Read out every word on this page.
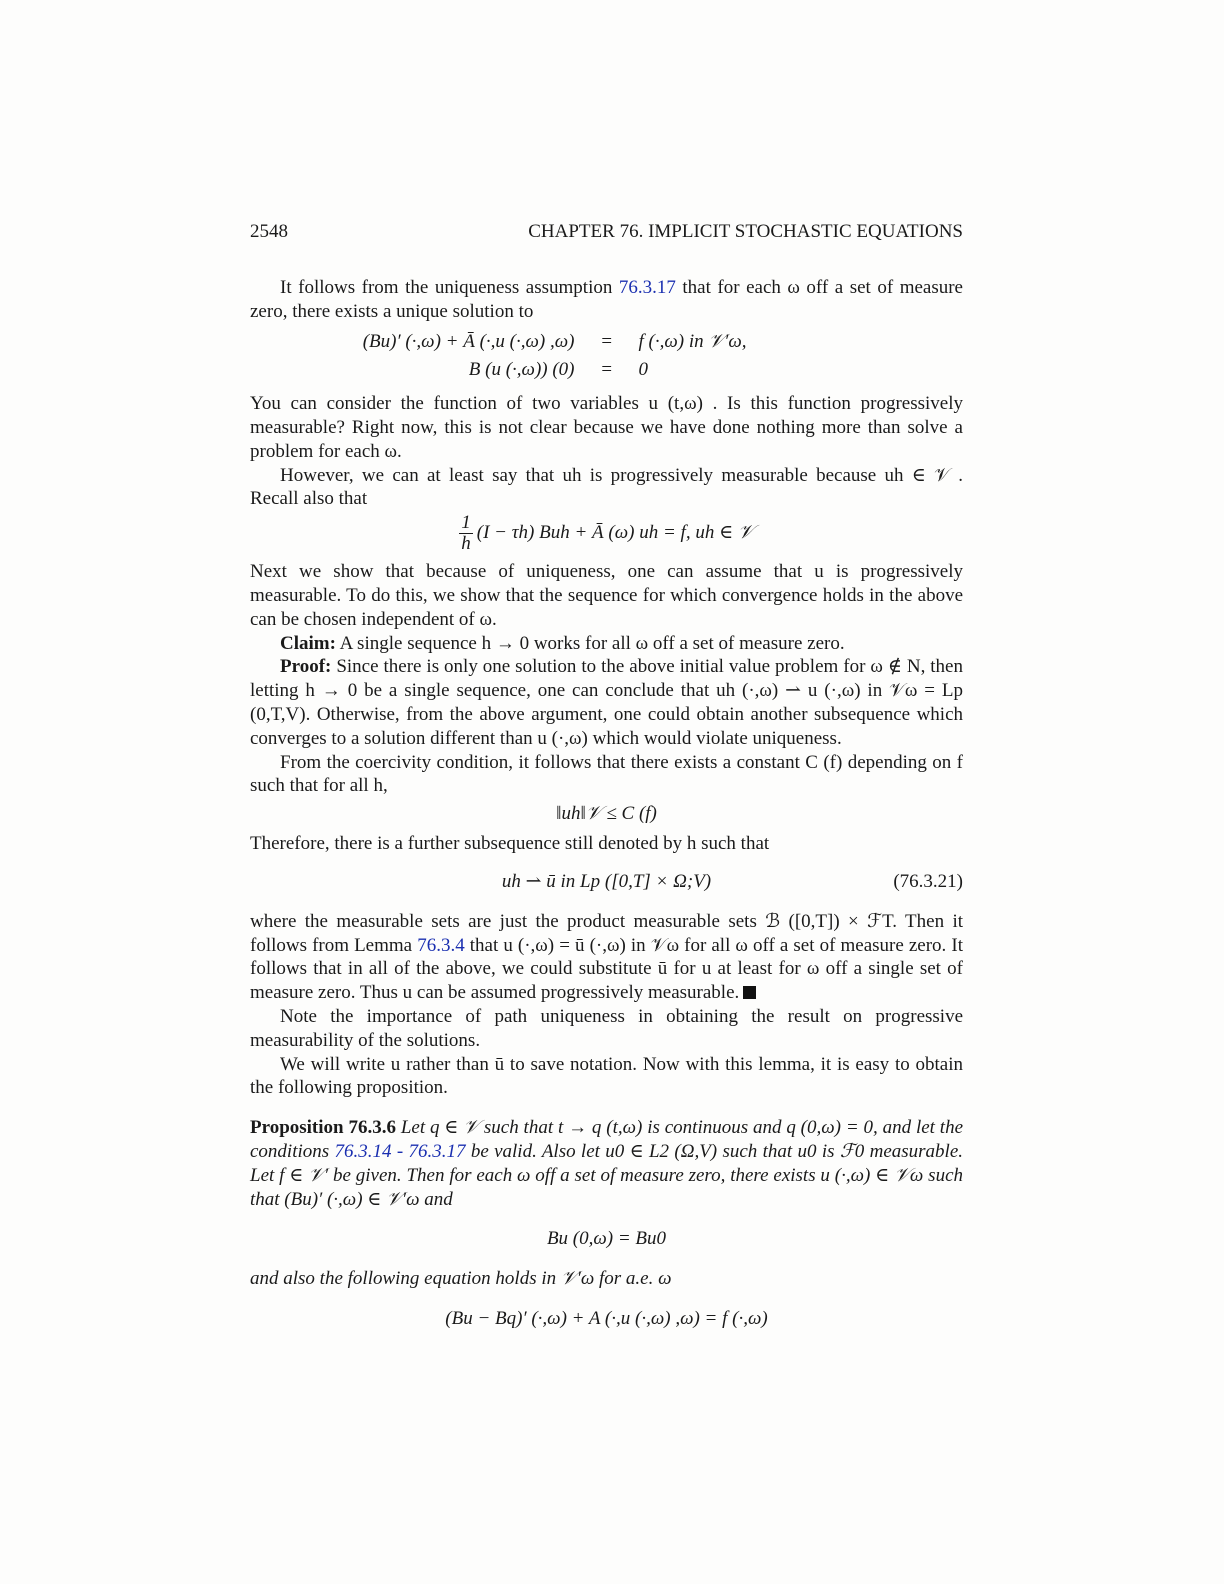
2548	CHAPTER 76. IMPLICIT STOCHASTIC EQUATIONS

It follows from the uniqueness assumption 76.3.17 that for each ω off a set of measure zero, there exists a unique solution to

(Bu)′ (·,ω) + Ā (·,u (·,ω) ,ω)	=	f (·,ω) in 𝒱′ω,
B (u (·,ω)) (0)	=	0

You can consider the function of two variables u (t,ω) . Is this function progressively measurable? Right now, this is not clear because we have done nothing more than solve a problem for each ω.

However, we can at least say that uh is progressively measurable because uh ∈ 𝒱 . Recall also that

$\frac{1}{h} (I - \tau h)$ Buh + Ā (ω) uh = f, uh ∈ 𝒱

Next we show that because of uniqueness, one can assume that u is progressively measurable. To do this, we show that the sequence for which convergence holds in the above can be chosen independent of ω.

Claim: A single sequence h → 0 works for all ω off a set of measure zero.

Proof: Since there is only one solution to the above initial value problem for ω ∉ N, then letting h → 0 be a single sequence, one can conclude that uh (·,ω) ⇀ u (·,ω) in 𝒱ω = Lp (0,T,V). Otherwise, from the above argument, one could obtain another subsequence which converges to a solution different than u (·,ω) which would violate uniqueness.

From the coercivity condition, it follows that there exists a constant C (f) depending on f such that for all h,

‖uh‖𝒱 ≤ C (f)

Therefore, there is a further subsequence still denoted by h such that

uh ⇀ ū in Lp ([0,T] × Ω;V)	(76.3.21)

where the measurable sets are just the product measurable sets ℬ ([0,T]) × ℱT. Then it follows from Lemma 76.3.4 that u (·,ω) = ū (·,ω) in 𝒱ω for all ω off a set of measure zero. It follows that in all of the above, we could substitute ū for u at least for ω off a single set of measure zero. Thus u can be assumed progressively measurable.

Note the importance of path uniqueness in obtaining the result on progressive measurability of the solutions.

We will write u rather than ū to save notation. Now with this lemma, it is easy to obtain the following proposition.

Proposition 76.3.6 Let q ∈ 𝒱 such that t → q (t,ω) is continuous and q (0,ω) = 0, and let the conditions 76.3.14 - 76.3.17 be valid. Also let u0 ∈ L2 (Ω,V) such that u0 is ℱ0 measurable. Let f ∈ 𝒱′ be given. Then for each ω off a set of measure zero, there exists u (·,ω) ∈ 𝒱ω such that (Bu)′ (·,ω) ∈ 𝒱′ω and

Bu (0,ω) = Bu0

and also the following equation holds in 𝒱′ω for a.e. ω

(Bu − Bq)′ (·,ω) + A (·,u (·,ω) ,ω) = f (·,ω)
